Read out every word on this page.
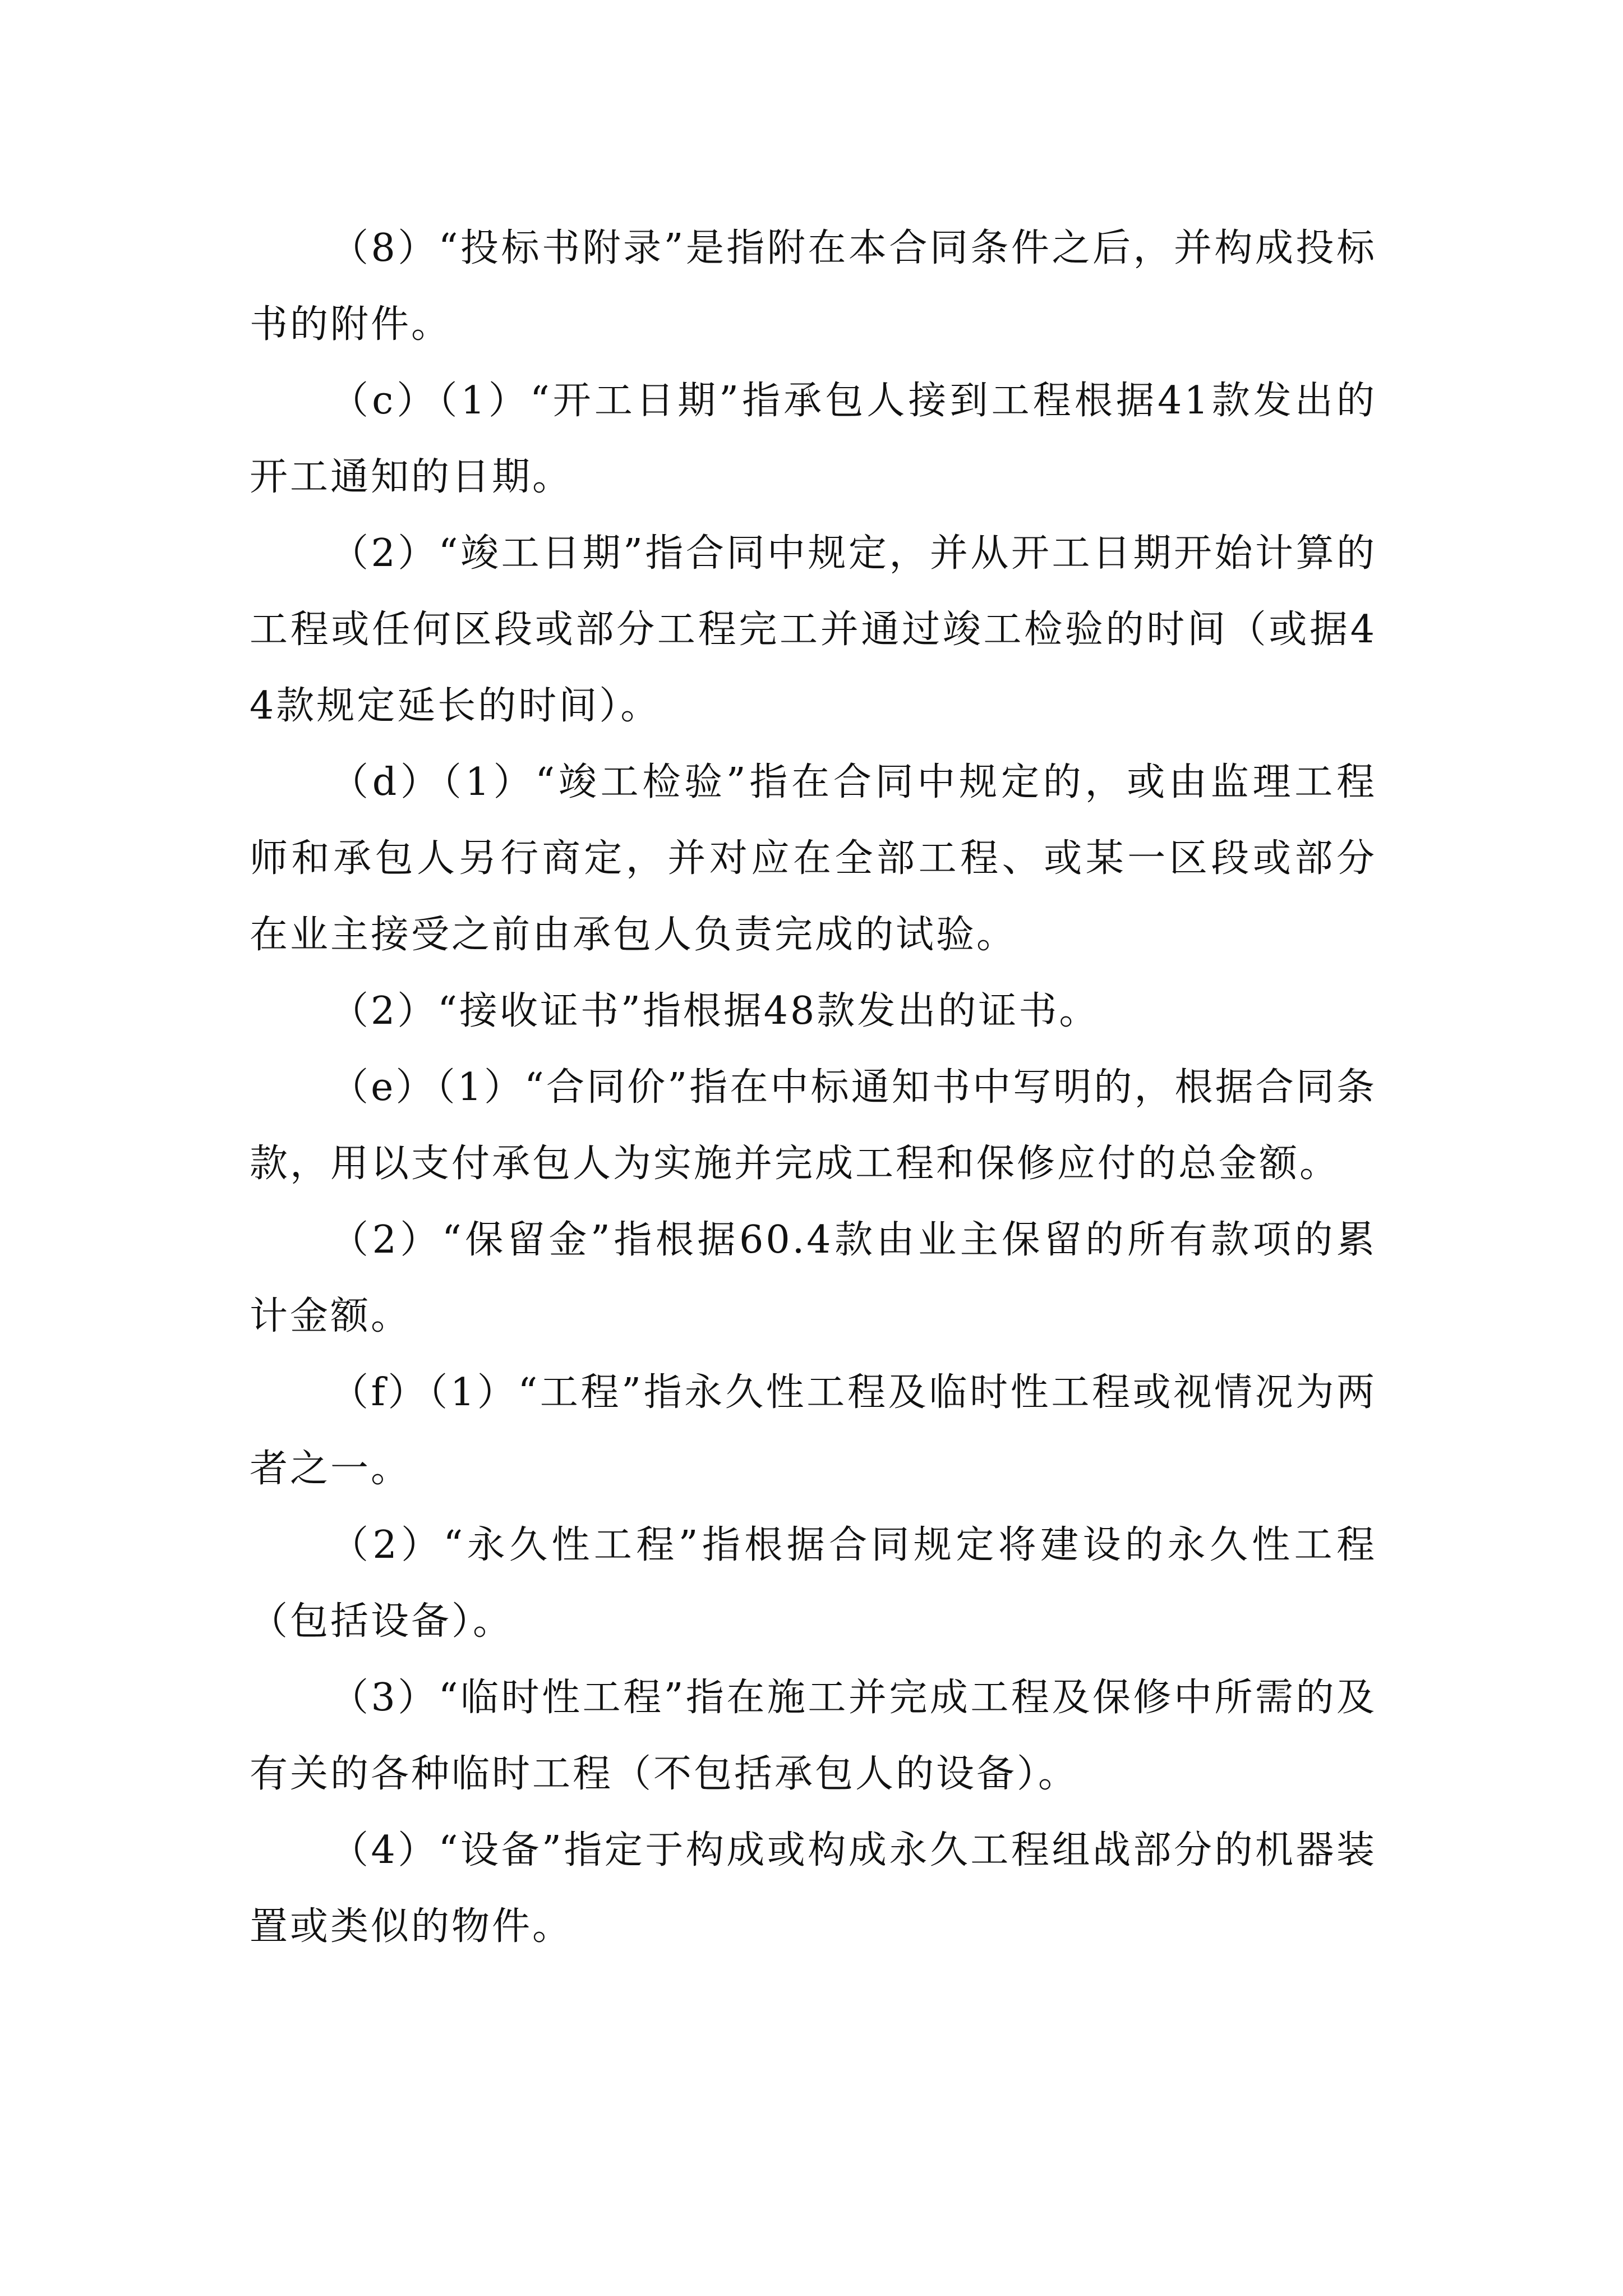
（8）“投标书附录”是指附在本合同条件之后，并构成投标书的附件。

（c）（1）“开工日期”指承包人接到工程根据41款发出的开工通知的日期。

（2）“竣工日期”指合同中规定，并从开工日期开始计算的工程或任何区段或部分工程完工并通过竣工检验的时间（或据44款规定延长的时间）。

（d）（1）“竣工检验”指在合同中规定的，或由监理工程师和承包人另行商定，并对应在全部工程、或某一区段或部分在业主接受之前由承包人负责完成的试验。

（2）“接收证书”指根据48款发出的证书。

（e）（1）“合同价”指在中标通知书中写明的，根据合同条款，用以支付承包人为实施并完成工程和保修应付的总金额。

（2）“保留金”指根据60.4款由业主保留的所有款项的累计金额。

（f）（1）“工程”指永久性工程及临时性工程或视情况为两者之一。

（2）“永久性工程”指根据合同规定将建设的永久性工程（包括设备）。

（3）“临时性工程”指在施工并完成工程及保修中所需的及有关的各种临时工程（不包括承包人的设备）。

（4）“设备”指定于构成或构成永久工程组战部分的机器装置或类似的物件。
